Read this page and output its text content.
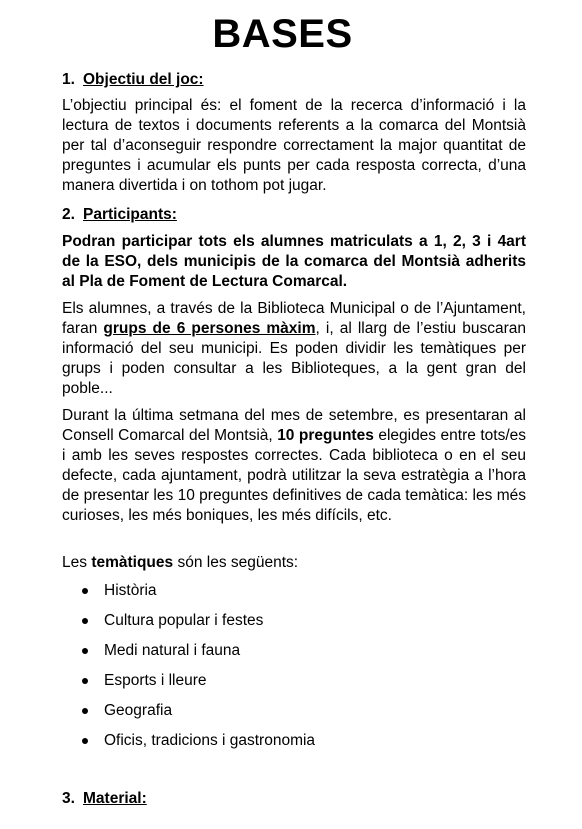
BASES
1. Objectiu del joc:

L’objectiu principal és: el foment de la recerca d’informació i la lectura de textos i documents referents a la comarca del Montsià per tal d’aconseguir respondre correctament la major quantitat de preguntes i acumular els punts per cada resposta correcta, d’una manera divertida i on tothom pot jugar.

2. Participants:

Podran participar tots els alumnes matriculats a 1, 2, 3 i 4art de la ESO, dels municipis de la comarca del Montsià adherits al Pla de Foment de Lectura Comarcal.

Els alumnes, a través de la Biblioteca Municipal o de l’Ajuntament, faran grups de 6 persones màxim, i, al llarg de l’estiu buscaran informació del seu municipi. Es poden dividir les temàtiques per grups i poden consultar a les Biblioteques, a la gent gran del poble...

Durant la última setmana del mes de setembre, es presentaran al Consell Comarcal del Montsià, 10 preguntes elegides entre tots/es i amb les seves respostes correctes. Cada biblioteca o en el seu defecte, cada ajuntament, podrà utilitzar la seva estratègia a l’hora de presentar les 10 preguntes definitives de cada temàtica: les més curioses, les més boniques, les més difícils, etc.

Les temàtiques són les següents:

Història
Cultura popular i festes
Medi natural i fauna
Esports i lleure
Geografia
Oficis, tradicions i gastronomia
3. Material:
